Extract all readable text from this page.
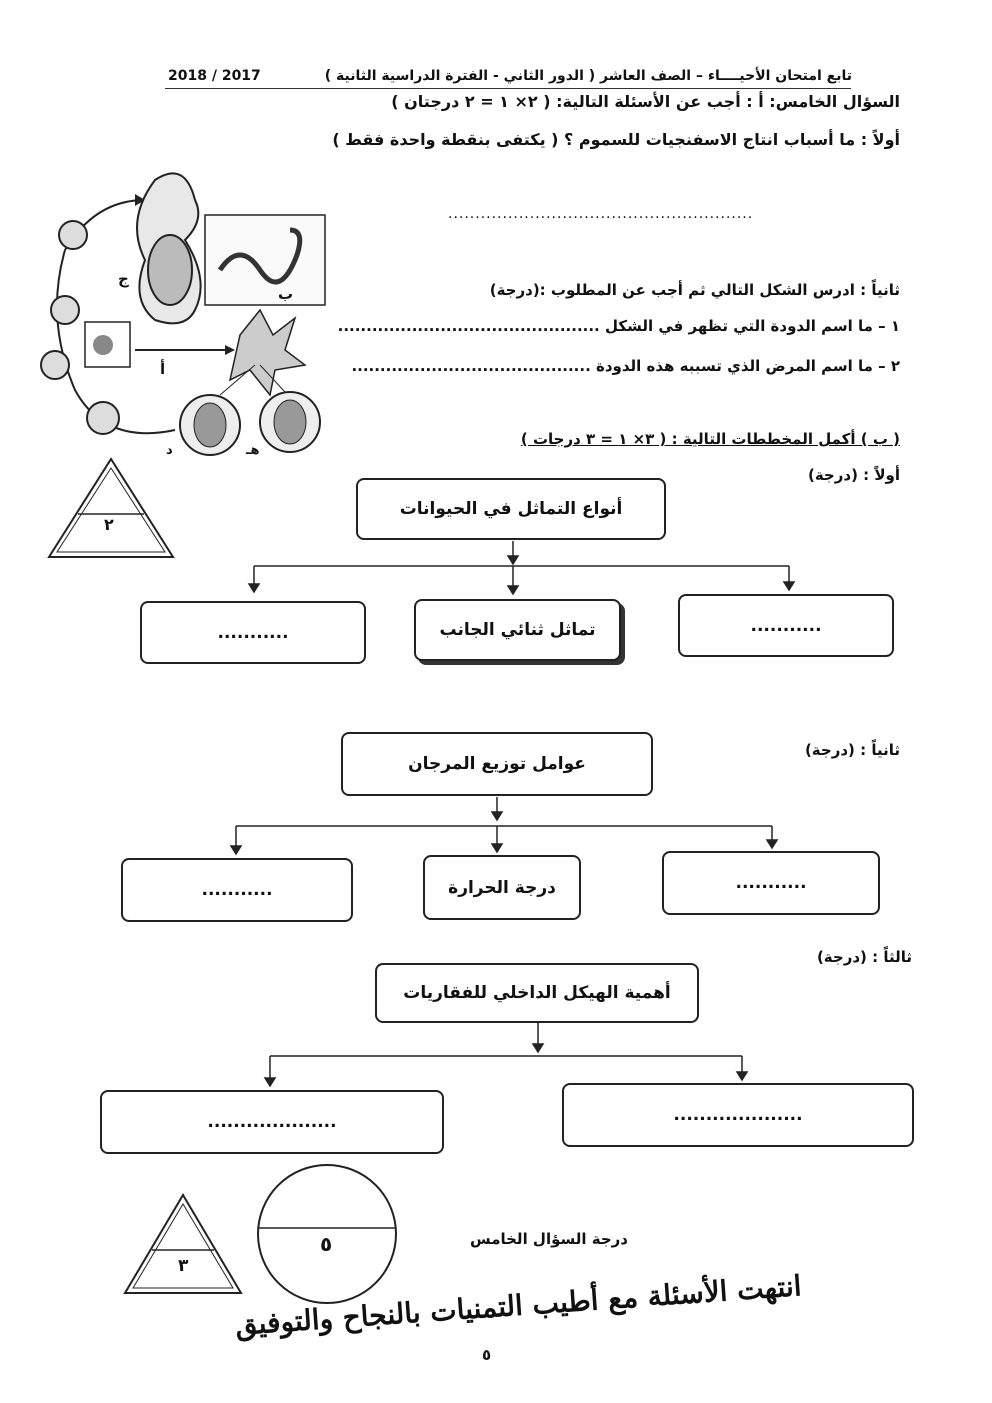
تابع امتحان الأحيــــاء – الصف العاشر ( الدور الثاني - الفترة الدراسية الثانية )
2018 / 2017
السؤال الخامس: أ : أجب عن الأسئلة التالية: ( ٢× ١ = ٢ درجتان )
أولاً : ما أسباب انتاج الاسفنجيات للسموم ؟ ( يكتفى بنقطة واحدة فقط )
........................................................
ثانياً : ادرس الشكل التالي ثم أجب عن المطلوب :(درجة)
١ – ما اسم الدودة التي تظهر في الشكل ..............................................
٢ – ما اسم المرض الذي تسببه هذه الدودة ..........................................
أ
ب
ج
د	هـ
٢
( ب ) أكمل المخططات التالية : ( ٣× ١ = ٣ درجات )
أولاً : (درجة)
أنواع التماثل في الحيوانات
...........	تماثل ثنائي الجانب	...........
ثانياً : (درجة)
عوامل توزيع المرجان
...........	درجة الحرارة	...........
ثالثاً : (درجة)
أهمية الهيكل الداخلي للفقاريات
....................	....................
٣
٥	درجة السؤال الخامس
انتهت الأسئلة مع أطيب التمنيات بالنجاح والتوفيق
٥
